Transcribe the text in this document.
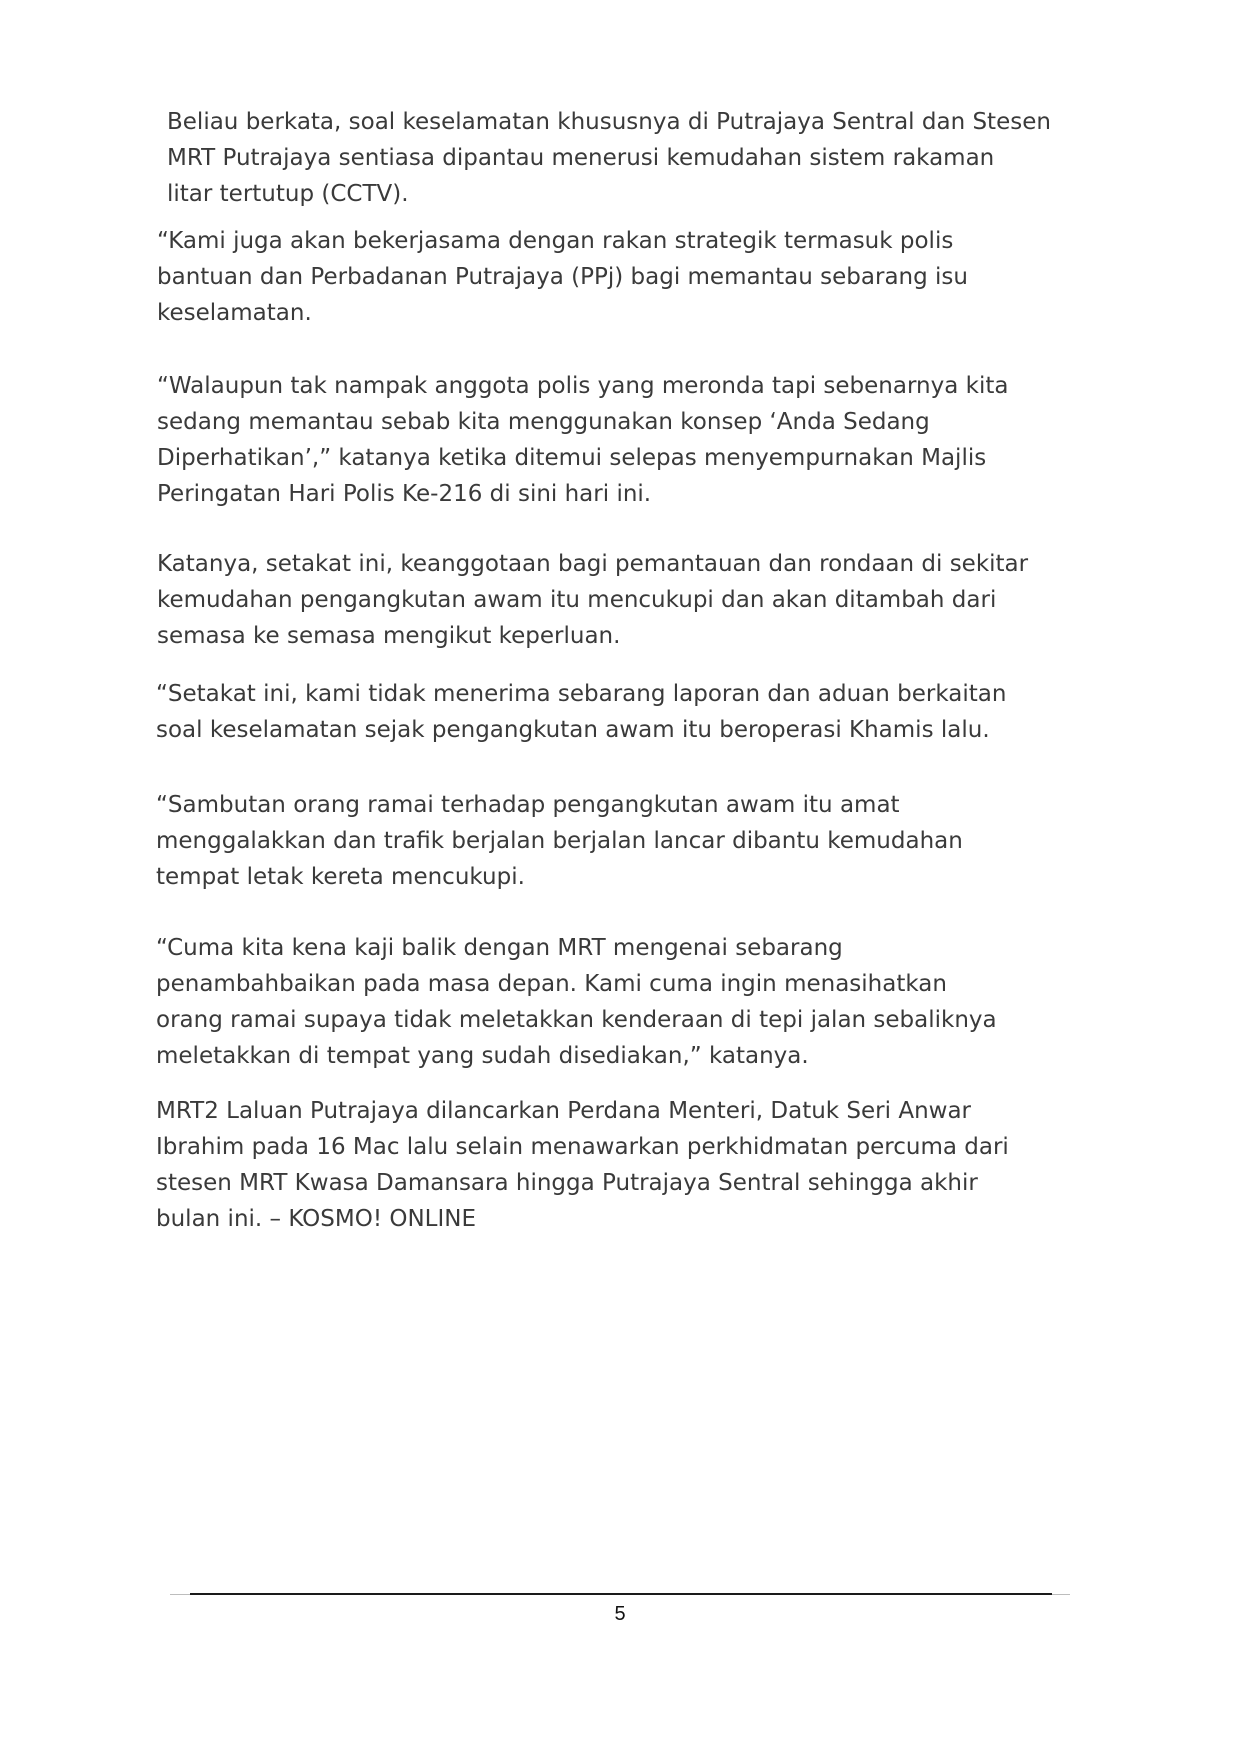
Beliau berkata, soal keselamatan khususnya di Putrajaya Sentral dan Stesen
MRT Putrajaya sentiasa dipantau menerusi kemudahan sistem rakaman
litar tertutup (CCTV).

“Kami juga akan bekerjasama dengan rakan strategik termasuk polis
bantuan dan Perbadanan Putrajaya (PPj) bagi memantau sebarang isu
keselamatan.

“Walaupun tak nampak anggota polis yang meronda tapi sebenarnya kita
sedang memantau sebab kita menggunakan konsep ‘Anda Sedang
Diperhatikan’,” katanya ketika ditemui selepas menyempurnakan Majlis
Peringatan Hari Polis Ke-216 di sini hari ini.

Katanya, setakat ini, keanggotaan bagi pemantauan dan rondaan di sekitar
kemudahan pengangkutan awam itu mencukupi dan akan ditambah dari
semasa ke semasa mengikut keperluan.

“Setakat ini, kami tidak menerima sebarang laporan dan aduan berkaitan
soal keselamatan sejak pengangkutan awam itu beroperasi Khamis lalu.

“Sambutan orang ramai terhadap pengangkutan awam itu amat
menggalakkan dan trafik berjalan berjalan lancar dibantu kemudahan
tempat letak kereta mencukupi.

“Cuma kita kena kaji balik dengan MRT mengenai sebarang
penambahbaikan pada masa depan. Kami cuma ingin menasihatkan
orang ramai supaya tidak meletakkan kenderaan di tepi jalan sebaliknya
meletakkan di tempat yang sudah disediakan,” katanya.

MRT2 Laluan Putrajaya dilancarkan Perdana Menteri, Datuk Seri Anwar
Ibrahim pada 16 Mac lalu selain menawarkan perkhidmatan percuma dari
stesen MRT Kwasa Damansara hingga Putrajaya Sentral sehingga akhir
bulan ini. – KOSMO! ONLINE

5
